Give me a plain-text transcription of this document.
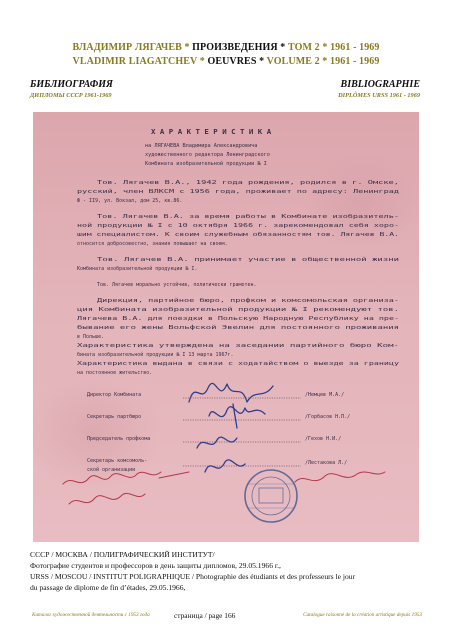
ВЛАДИМИР ЛЯГАЧЕВ * ПРОИЗВЕДЕНИЯ * ТОМ 2 * 1961 - 1969
VLADIMIR LIAGATCHEV * OEUVRES * VOLUME 2 * 1961 - 1969
БИБЛИОГРАФИЯ
ДИПЛОМЫ СССР 1961-1969
BIBLIOGRAPHIE
DIPLÔMES URSS 1961 - 1969
Х А Р А К Т Е Р И С Т И К А
на ЛЯГАЧЕВА Владимира Александровича
художественного редактора Ленинградского
Комбината изобразительной продукции № I
Тов. Лягачев В.А., 1942 года рождения, родился в г. Омске,
русский, член ВЛКСМ с 1956 года, проживает по адресу: Ленинград
Ф - II9, ул. Вокзал, дом 25, кв.86.
Тов. Лягачев В.А. за время работы в Комбинате изобразитель-
ной продукции № I с 10 октября 1966 г. зарекомендовал себя хоро-
шим специалистом. К своим служебным обязанностям тов. Лягачев В.А.
относится добросовестно, знания повышает на своем.
Тов. Лягачев В.А. принимает участие в общественной жизни
Комбината изобразительной продукции № I.
Тов. Лягачев морально устойчив, политически грамотен.
Дирекция, партийное бюро, профком и комсомольская организа-
ция Комбината изобразительной продукции № I рекомендуют тов.
Лягачева В.А. для поездки в Польскую Народную Республику на пре-
бывание его жены Вольфской Эвелин для постоянного проживания
в Польше.
Характеристика утверждена на заседании партийного бюро Ком-
бината изобразительной продукции № I 13 марта 1967г.
Характеристика выдана в связи с ходатайством о выезде за границу
на постоянное жительство.
Директор Комбината	/Немцев М.А./
Секретарь партбюро	/Горбасов Н.П./
Председатель профкома	/Гехов Н.И./
Секретарь комсомоль-
ской организации
/Лестакова Л./
СССР / МОСКВА / ПОЛИГРАФИЧЕСКИЙ ИНСТИТУТ/
Фотографие студентов и профессоров в день защиты дипломов, 29.05.1966 г.,
URSS / MOSCOU / INSTITUT POLIGRAPHIQUE / Photographie des étudiants et des professeurs le jour
du passage de diplome de fin d’étades, 29.05.1966,
Каталог художественной деятельности с 1953 года	страница / page 166	Catalogue raisonné de la création artistique depuis 1953
